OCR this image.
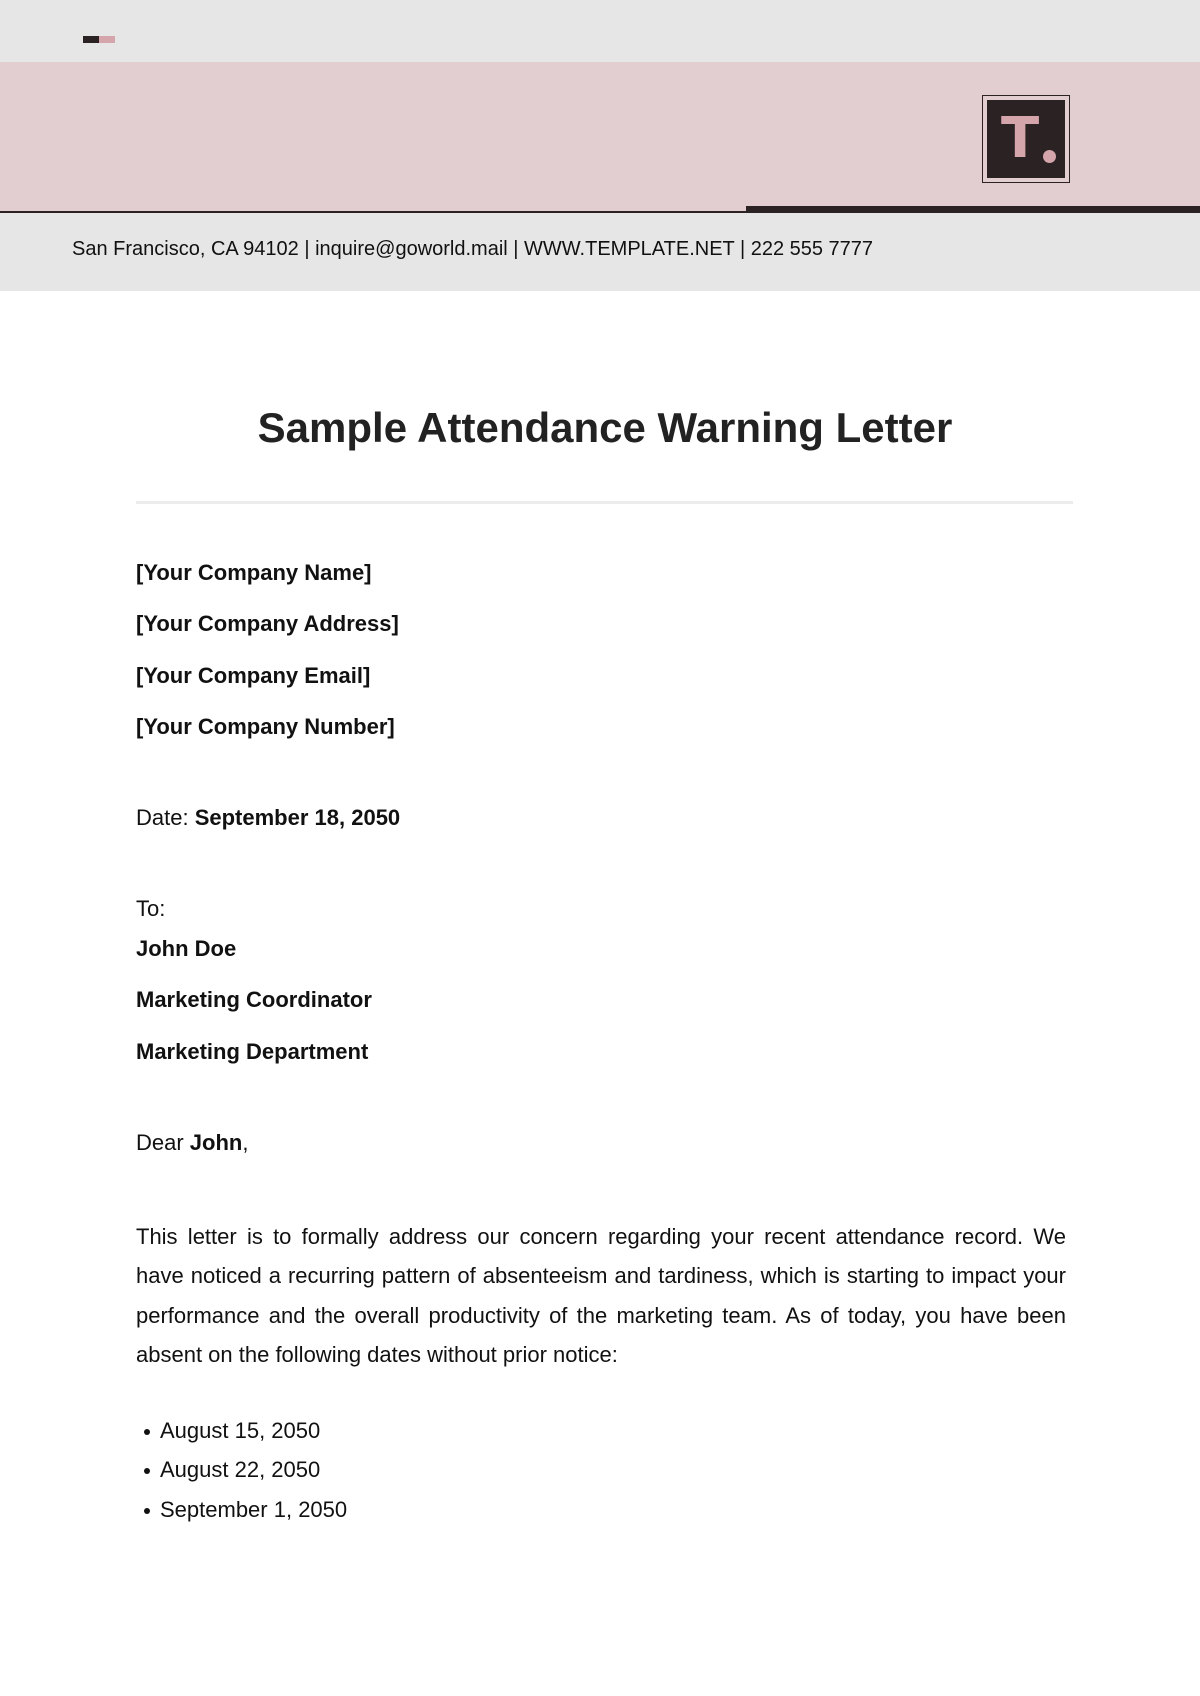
T
San Francisco, CA 94102 | inquire@goworld.mail | WWW.TEMPLATE.NET | 222 555 7777
Sample Attendance Warning Letter
[Your Company Name]
[Your Company Address]
[Your Company Email]
[Your Company Number]
Date: September 18, 2050
To:
John Doe
Marketing Coordinator
Marketing Department
Dear John,

This letter is to formally address our concern regarding your recent attendance record. We have noticed a recurring pattern of absenteeism and tardiness, which is starting to impact your performance and the overall productivity of the marketing team. As of today, you have been absent on the following dates without prior notice:

August 15, 2050
August 22, 2050
September 1, 2050
